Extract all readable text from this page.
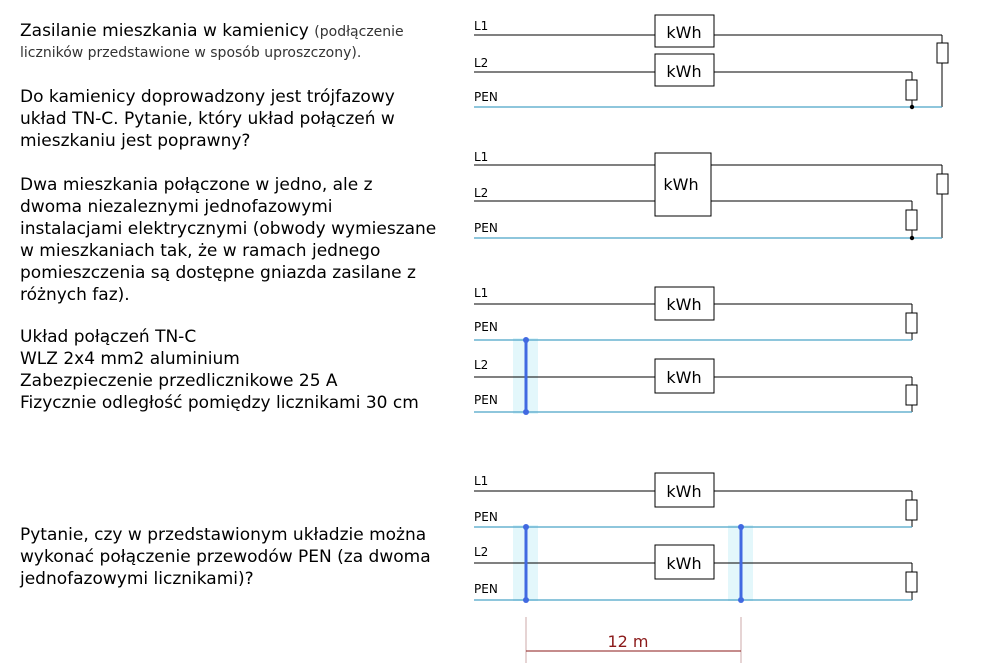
Zasilanie mieszkania w kamienicy (podłączenie
liczników przedstawione w sposób uproszczony).
Do kamienicy doprowadzony jest trójfazowy
układ TN-C. Pytanie, który układ połączeń w
mieszkaniu jest poprawny?
Dwa mieszkania połączone w jedno, ale z
dwoma niezaleznymi jednofazowymi
instalacjami elektrycznymi (obwody wymieszane
w mieszkaniach tak, że w ramach jednego
pomieszczenia są dostępne gniazda zasilane z
różnych faz).
Układ połączeń TN-C
WLZ 2x4 mm2 aluminium
Zabezpieczenie przedlicznikowe 25 A
Fizycznie odległość pomiędzy licznikami 30 cm
Pytanie, czy w przedstawionym układzie można
wykonać połączenie przewodów PEN (za dwoma
jednofazowymi licznikami)?
kWh
kWh
L1
L2
PEN
kWh
L1
L2
PEN
kWh
kWh
L1
PEN
L2
PEN
kWh
kWh
L1
PEN
L2
PEN
12 m
